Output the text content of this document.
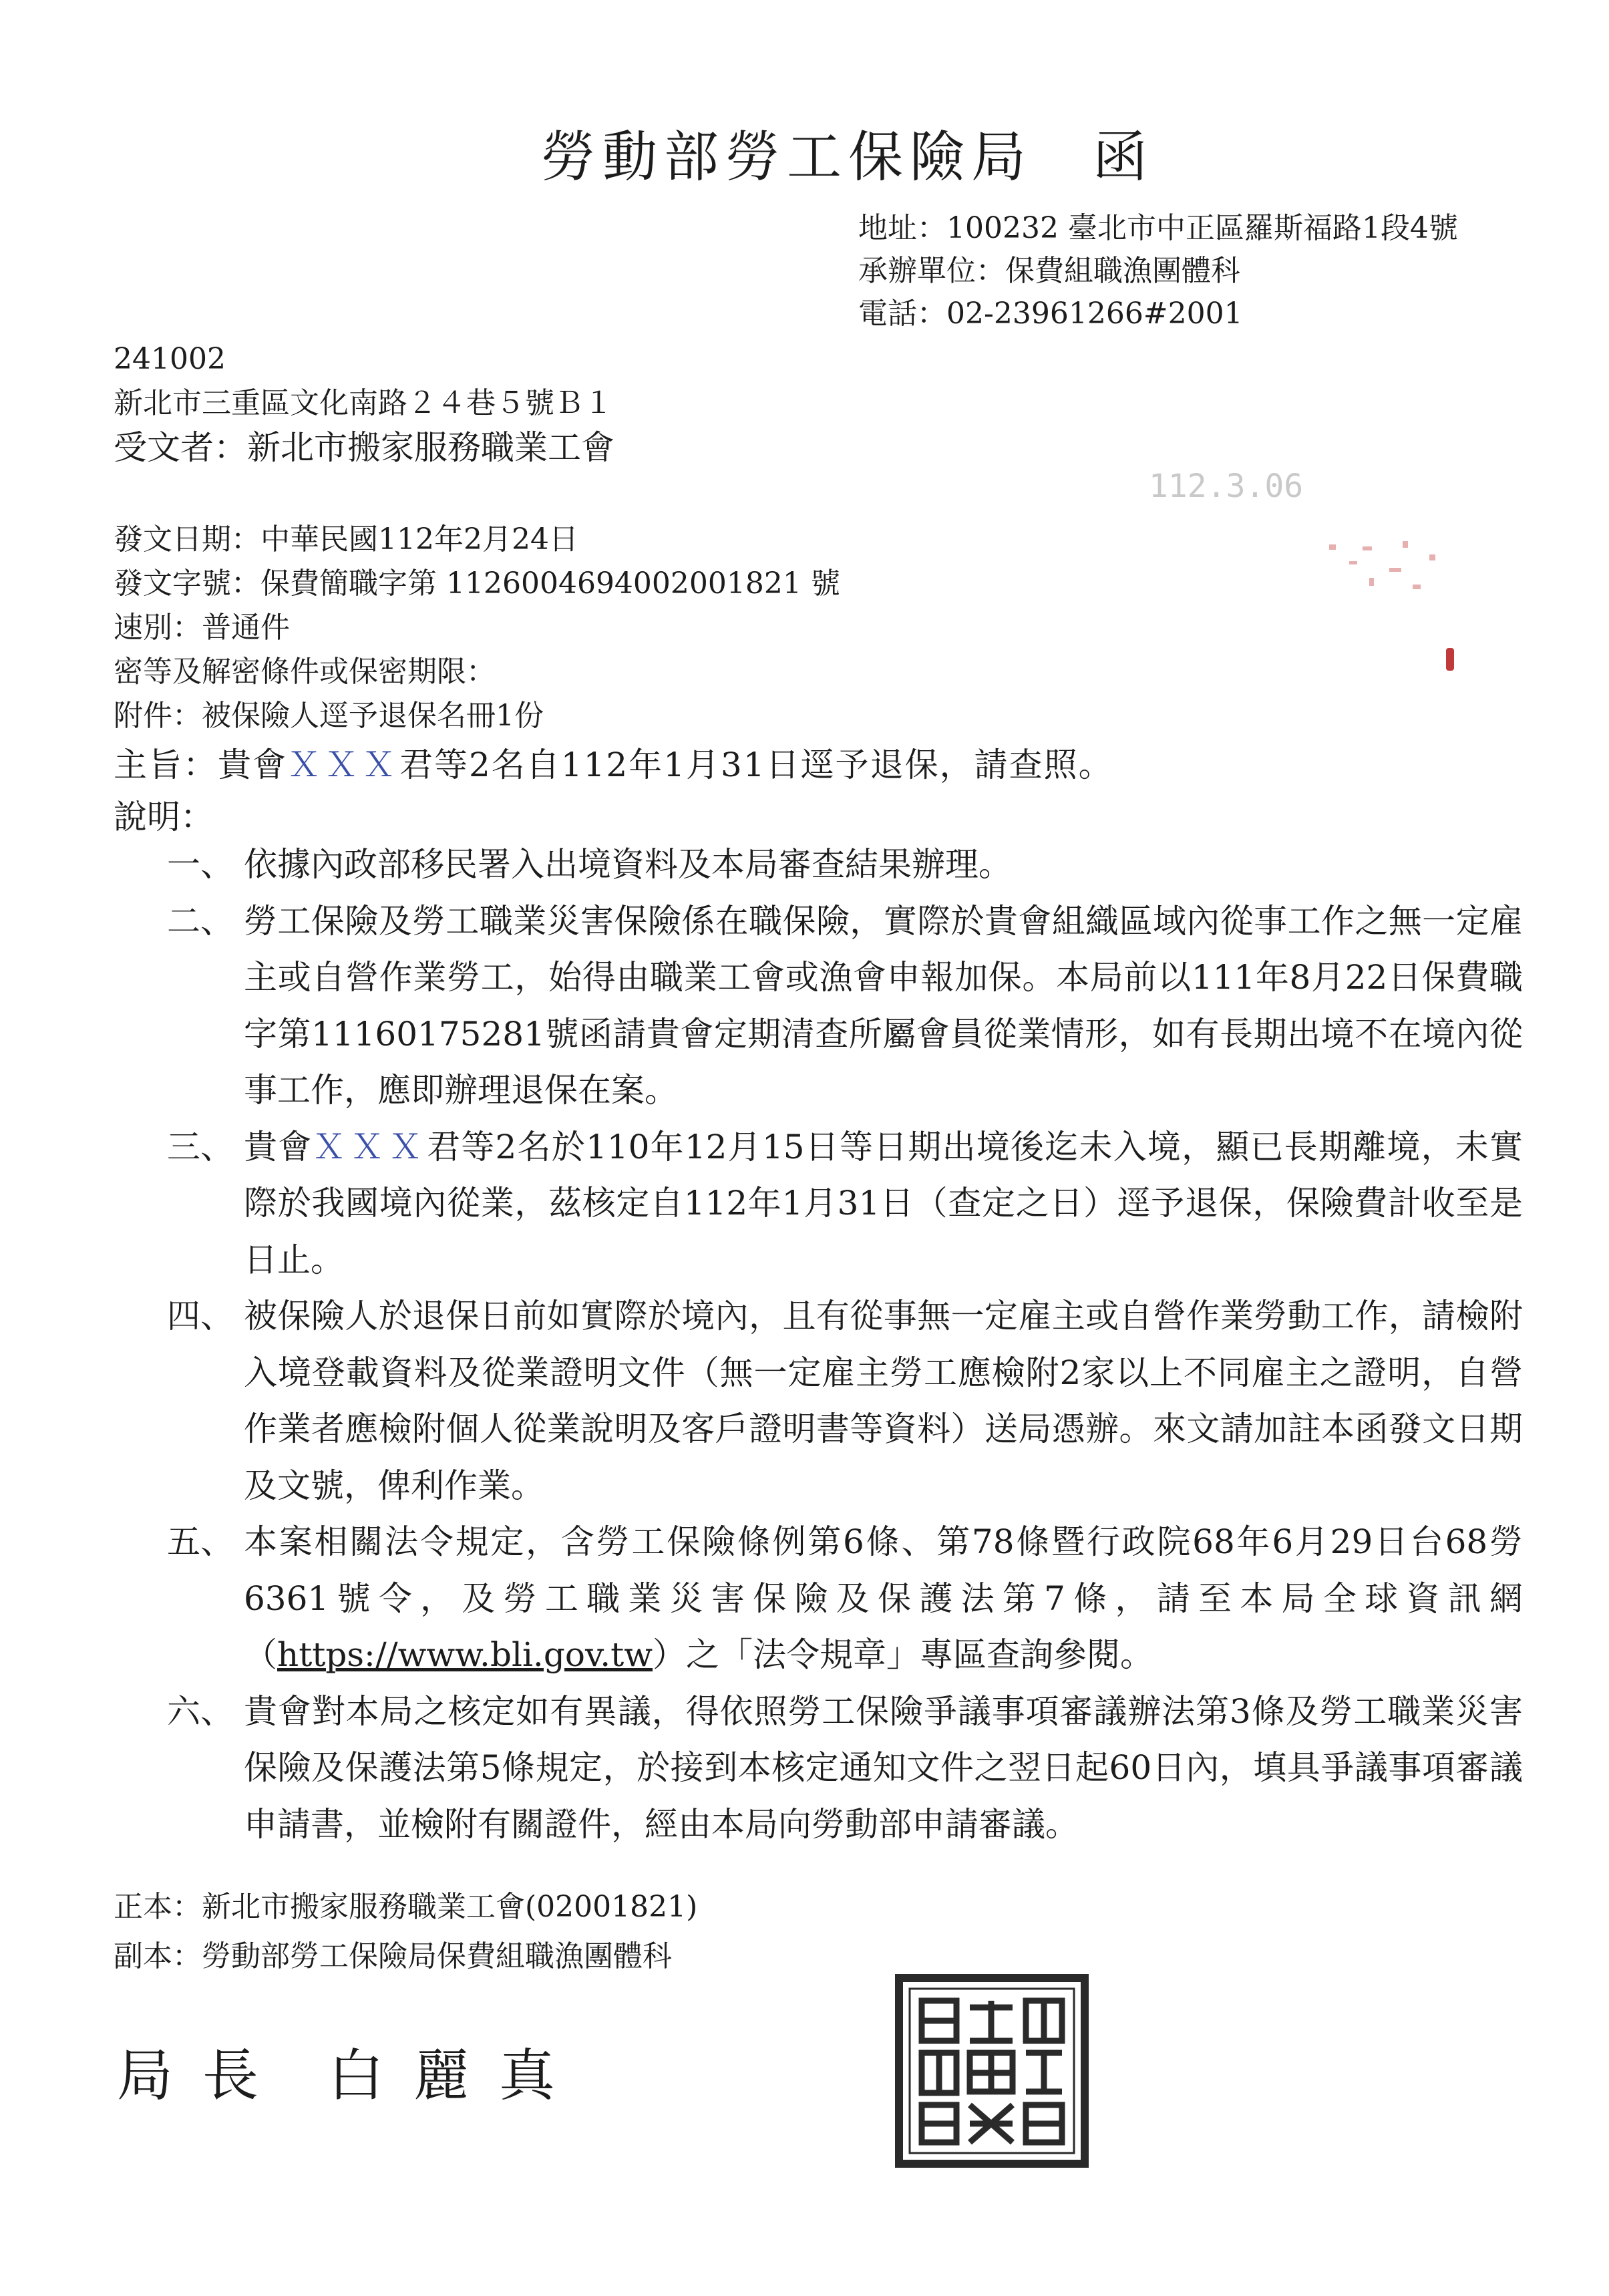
勞動部勞工保險局 函
地址：100232 臺北市中正區羅斯福路1段4號
承辦單位：保費組職漁團體科
電話：02-23961266#2001
241002
新北市三重區文化南路２４巷５號Ｂ１
受文者：新北市搬家服務職業工會
發文日期：中華民國112年2月24日
發文字號：保費簡職字第 1126004694002001821 號
速別：普通件
密等及解密條件或保密期限：
附件：被保險人逕予退保名冊1份
112.3.06
主旨：貴會ＸＸＸ君等2名自112年1月31日逕予退保，請查照。
說明：
一、 依據內政部移民署入出境資料及本局審查結果辦理。
二、 勞工保險及勞工職業災害保險係在職保險，實際於貴會組織區域內從事工作之無一定雇主或自營作業勞工，始得由職業工會或漁會申報加保。本局前以111年8月22日保費職字第11160175281號函請貴會定期清查所屬會員從業情形，如有長期出境不在境內從事工作，應即辦理退保在案。
三、 貴會ＸＸＸ君等2名於110年12月15日等日期出境後迄未入境，顯已長期離境，未實際於我國境內從業，茲核定自112年1月31日（查定之日）逕予退保，保險費計收至是日止。
四、 被保險人於退保日前如實際於境內，且有從事無一定雇主或自營作業勞動工作，請檢附入境登載資料及從業證明文件（無一定雇主勞工應檢附2家以上不同雇主之證明，自營作業者應檢附個人從業說明及客戶證明書等資料）送局憑辦。來文請加註本函發文日期及文號，俾利作業。
五、 本案相關法令規定，含勞工保險條例第6條、第78條暨行政院68年6月29日台68勞6361號令，及勞工職業災害保險及保護法第7條，請至本局全球資訊網（https://www.bli.gov.tw）之「法令規章」專區查詢參閱。
六、 貴會對本局之核定如有異議，得依照勞工保險爭議事項審議辦法第3條及勞工職業災害保險及保護法第5條規定，於接到本核定通知文件之翌日起60日內，填具爭議事項審議申請書，並檢附有關證件，經由本局向勞動部申請審議。
正本：新北市搬家服務職業工會(02001821)
副本：勞動部勞工保險局保費組職漁團體科
局長 白麗真
